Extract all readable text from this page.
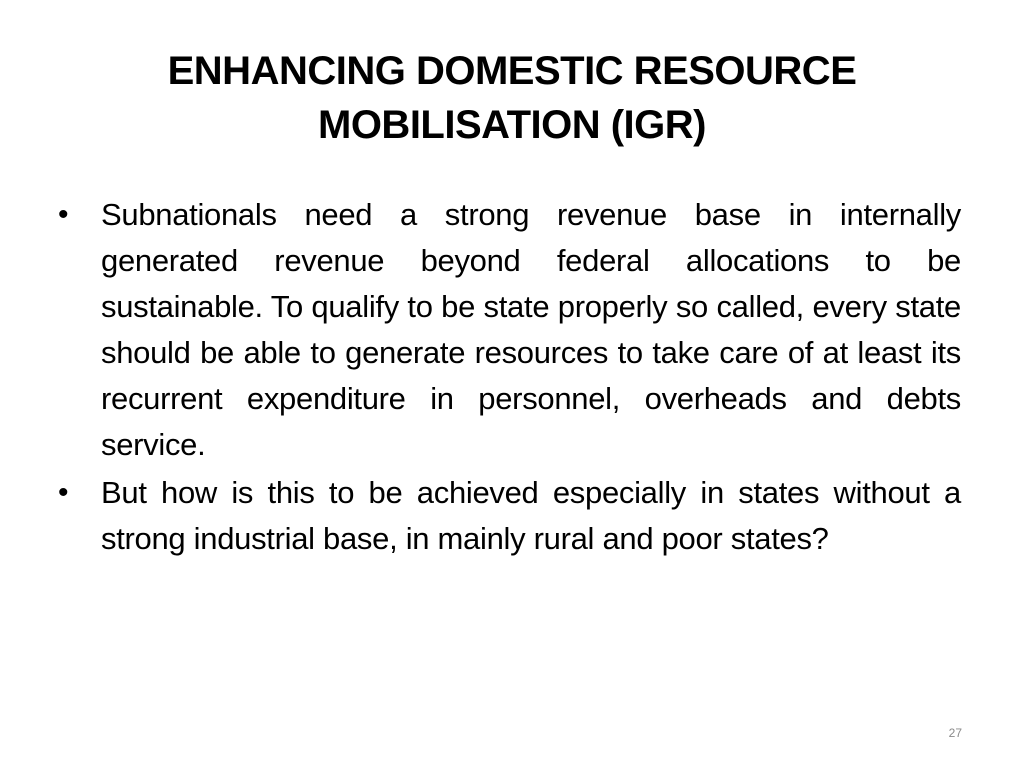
ENHANCING DOMESTIC RESOURCE MOBILISATION (IGR)
• Subnationals need a strong revenue base in internally generated revenue beyond federal allocations to be sustainable. To qualify to be state properly so called, every state should be able to generate resources to take care of at least its recurrent expenditure in personnel, overheads and debts service.
• But how is this to be achieved especially in states without a strong industrial base, in mainly rural and poor states?
27
